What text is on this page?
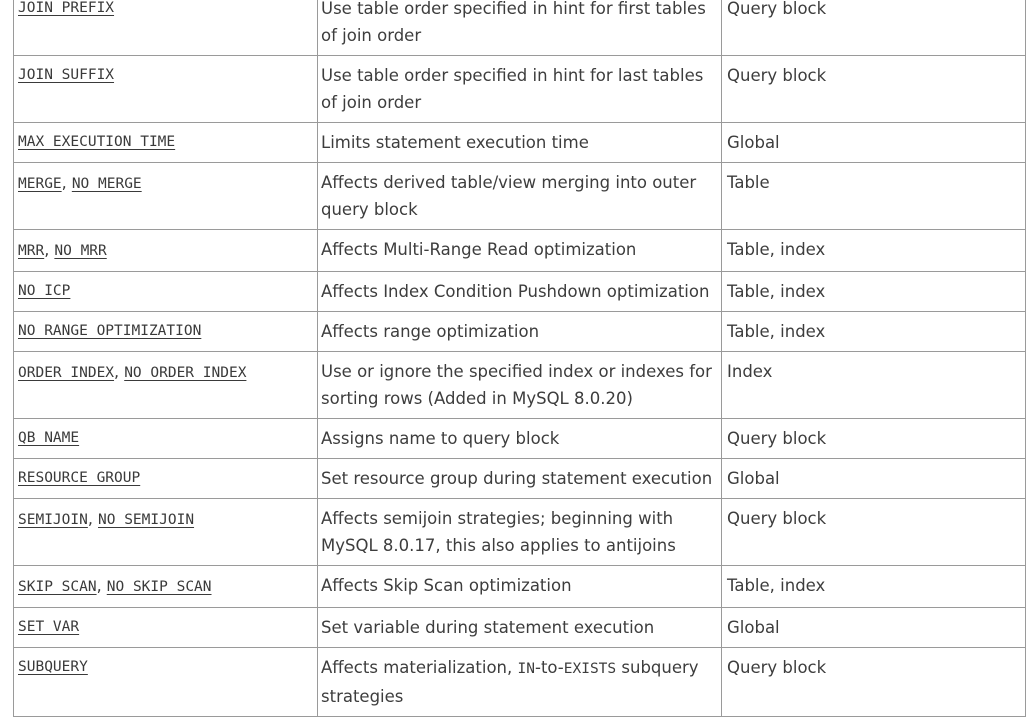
JOIN_PREFIX	Use table order specified in hint for first tables of join order	Query block
JOIN_SUFFIX	Use table order specified in hint for last tables of join order	Query block
MAX_EXECUTION_TIME	Limits statement execution time	Global
MERGE, NO_MERGE	Affects derived table/view merging into outer query block	Table
MRR, NO_MRR	Affects Multi-Range Read optimization	Table, index
NO_ICP	Affects Index Condition Pushdown optimization	Table, index
NO_RANGE_OPTIMIZATION	Affects range optimization	Table, index
ORDER_INDEX, NO_ORDER_INDEX	Use or ignore the specified index or indexes for sorting rows (Added in MySQL 8.0.20)	Index
QB_NAME	Assigns name to query block	Query block
RESOURCE_GROUP	Set resource group during statement execution	Global
SEMIJOIN, NO_SEMIJOIN	Affects semijoin strategies; beginning with MySQL 8.0.17, this also applies to antijoins	Query block
SKIP_SCAN, NO_SKIP_SCAN	Affects Skip Scan optimization	Table, index
SET_VAR	Set variable during statement execution	Global
SUBQUERY	Affects materialization, IN-to-EXISTS subquery strategies	Query block
